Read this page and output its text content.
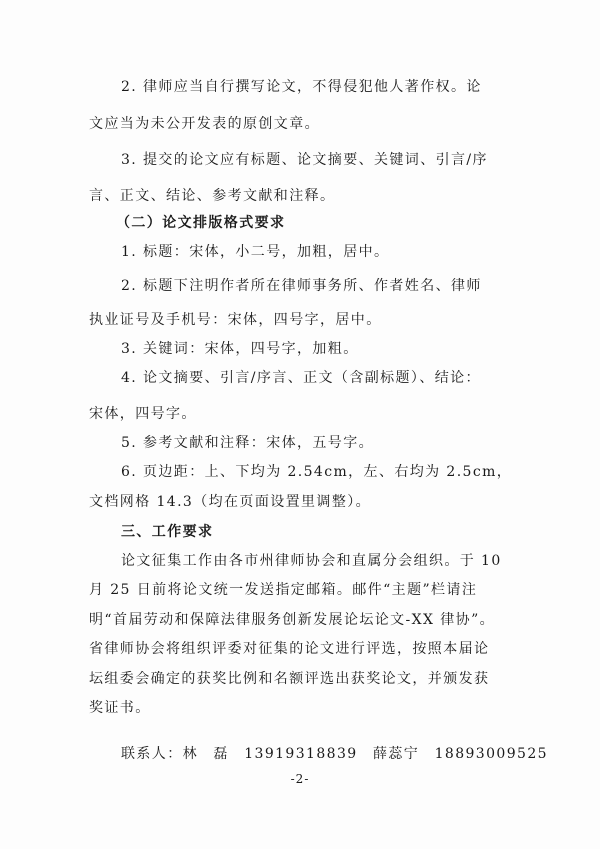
2. 律师应当自行撰写论文，不得侵犯他人著作权。论
文应当为未公开发表的原创文章。
3. 提交的论文应有标题、论文摘要、关键词、引言/序
言、正文、结论、参考文献和注释。
（二）论文排版格式要求
1. 标题：宋体，小二号，加粗，居中。
2. 标题下注明作者所在律师事务所、作者姓名、律师
执业证号及手机号：宋体，四号字，居中。
3. 关键词：宋体，四号字，加粗。
4. 论文摘要、引言/序言、正文（含副标题）、结论：
宋体，四号字。
5. 参考文献和注释：宋体，五号字。
6. 页边距：上、下均为 2.54cm，左、右均为 2.5cm，
文档网格 14.3（均在页面设置里调整）。
三、工作要求
论文征集工作由各市州律师协会和直属分会组织。于 10
月 25 日前将论文统一发送指定邮箱。邮件“主题”栏请注
明“首届劳动和保障法律服务创新发展论坛论文-XX 律协”。
省律师协会将组织评委对征集的论文进行评选，按照本届论
坛组委会确定的获奖比例和名额评选出获奖论文，并颁发获
奖证书。
联系人：林　磊　13919318839　薛蕊宁　18893009525
-2-
